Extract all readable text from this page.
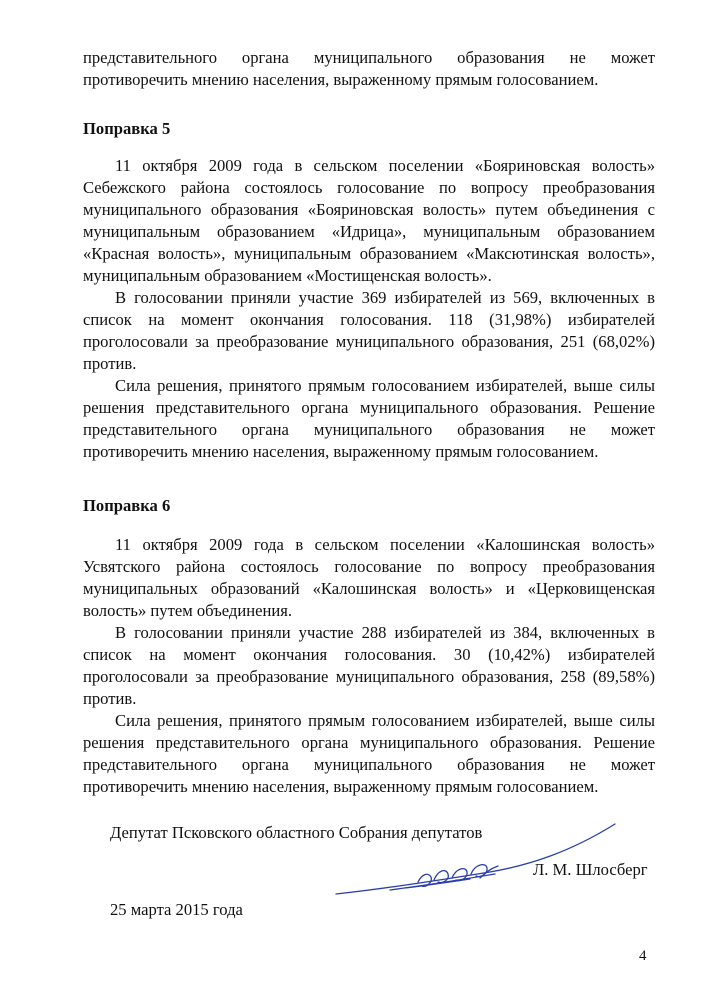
представительного органа муниципального образования не может противоречить мнению населения, выраженному прямым голосованием.

Поправка 5

11 октября 2009 года в сельском поселении «Бояриновская волость» Себежского района состоялось голосование по вопросу преобразования муниципального образования «Бояриновская волость» путем объединения с муниципальным образованием «Идрица», муниципальным образованием «Красная волость», муниципальным образованием «Максютинская волость», муниципальным образованием «Мостищенская волость».

В голосовании приняли участие 369 избирателей из 569, включенных в список на момент окончания голосования. 118 (31,98%) избирателей проголосовали за преобразование муниципального образования, 251 (68,02%) против.

Сила решения, принятого прямым голосованием избирателей, выше силы решения представительного органа муниципального образования. Решение представительного органа муниципального образования не может противоречить мнению населения, выраженному прямым голосованием.

Поправка 6

11 октября 2009 года в сельском поселении «Калошинская волость» Усвятского района состоялось голосование по вопросу преобразования муниципальных образований «Калошинская волость» и «Церковищенская волость» путем объединения.

В голосовании приняли участие 288 избирателей из 384, включенных в список на момент окончания голосования. 30 (10,42%) избирателей проголосовали за преобразование муниципального образования, 258 (89,58%) против.

Сила решения, принятого прямым голосованием избирателей, выше силы решения представительного органа муниципального образования. Решение представительного органа муниципального образования не может противоречить мнению населения, выраженному прямым голосованием.

Депутат Псковского областного Собрания депутатов
Л. М. Шлосберг
25 марта 2015 года
4
